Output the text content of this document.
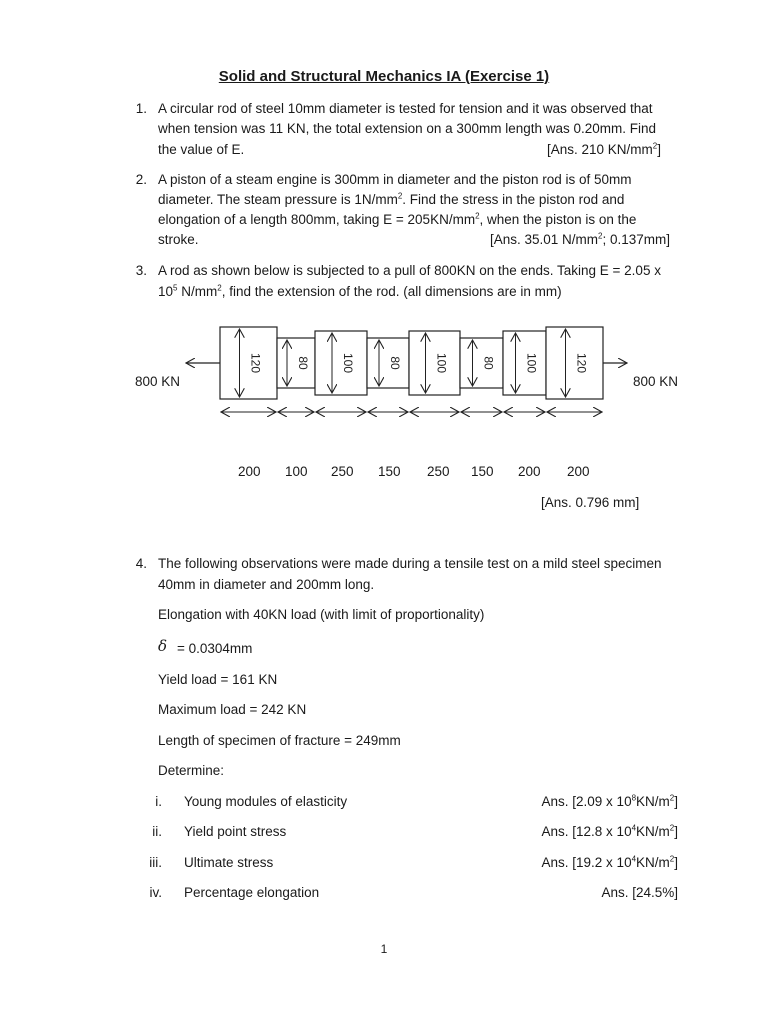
Solid and Structural Mechanics IA (Exercise 1)
1. A circular rod of steel 10mm diameter is tested for tension and it was observed that
when tension was 11 KN, the total extension on a 300mm length was 0.20mm. Find
the value of E.	[Ans. 210 $KN/mm^2$]
2. A piston of a steam engine is 300mm in diameter and the piston rod is of 50mm
diameter. The steam pressure is $1N/mm^2$. Find the stress in the piston rod and
elongation of a length 800mm, taking $E = 205KN/mm^2$, when the piston is on the
stroke.	[Ans. 35.01 $N/mm^2$; 0.137mm]
3. A rod as shown below is subjected to a pull of 800KN on the ends. Taking E = 2.05 x
$10^5$ $N/mm^2$, find the extension of the rod. (all dimensions are in mm)
120	80	100	80	100	80 100	120
800 KN	800 KN
200 100 250 150 250 150 200 200
[Ans. 0.796 mm]
4. The following observations were made during a tensile test on a mild steel specimen
40mm in diameter and 200mm long.
Elongation with 40KN load (with limit of proportionality)
δ = 0.0304mm
Yield load = 161 KN
Maximum load = 242 KN
Length of specimen of fracture = 249mm
Determine:
i. Young modules of elasticity	Ans. [2.09 x $10^8KN/m^2$]
ii. Yield point stress	Ans. [12.8 x $10^4KN/m^2$]
iii. Ultimate stress	Ans. [19.2 x $10^4KN/m^2$]
iv. Percentage elongation	Ans. [24.5%]
1
